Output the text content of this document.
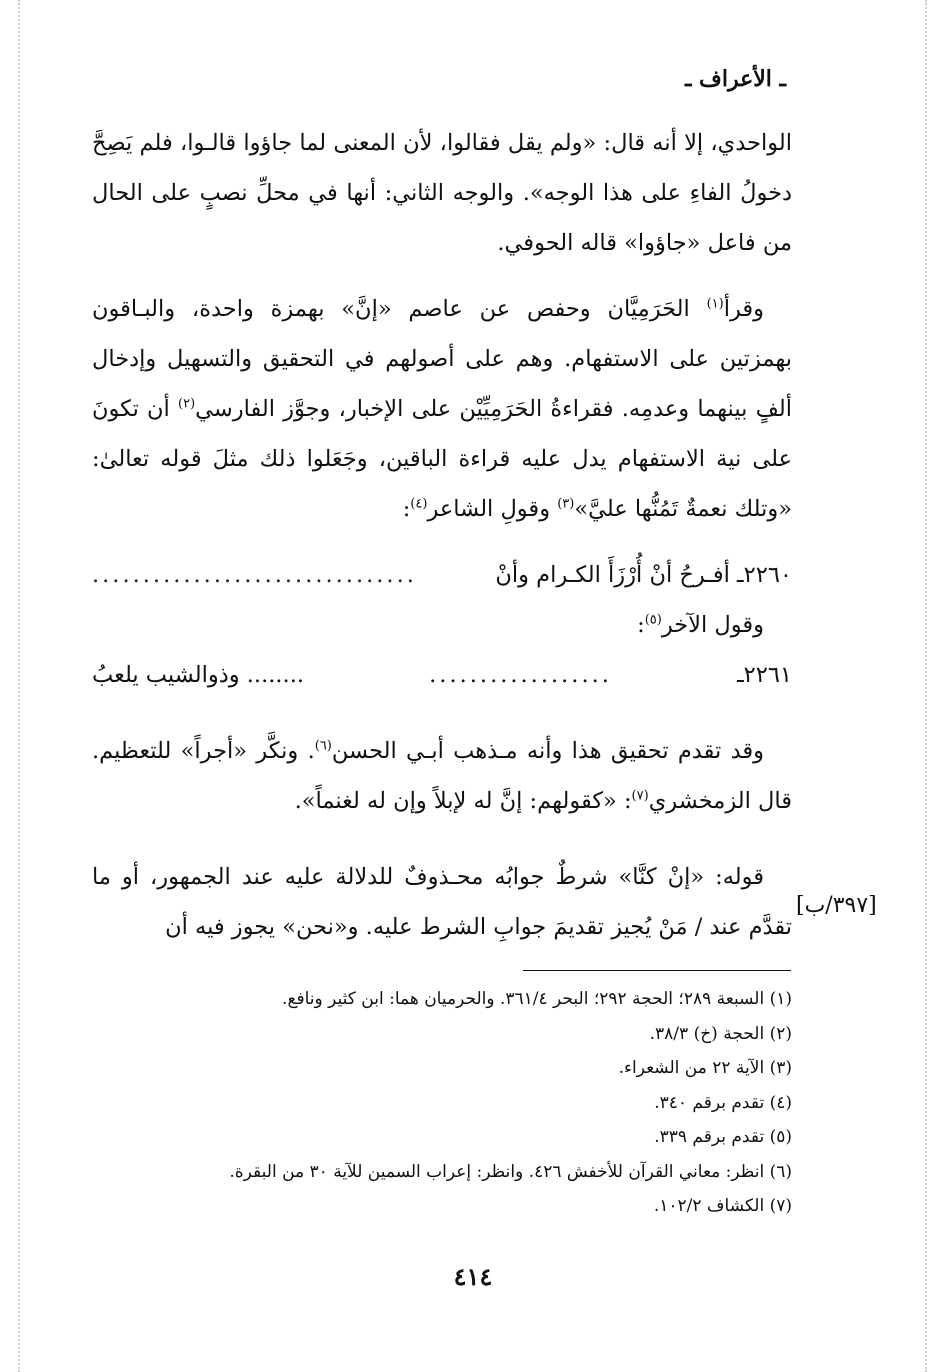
ـ الأعراف ـ

الواحدي، إلا أنه قال: «ولم يقل فقالوا، لأن المعنى لما جاؤوا قالـوا، فلم يَصِحَّ دخولُ الفاءِ على هذا الوجه». والوجه الثاني: أنها في محلِّ نصبٍ على الحال من فاعل «جاؤوا» قاله الحوفي.

وقرأ$^{(١)}$ الحَرَمِيَّان وحفص عن عاصم «إنَّ» بهمزة واحدة، والبـاقون بهمزتين على الاستفهام. وهم على أصولهم في التحقيق والتسهيل وإدخال ألفٍ بينهما وعدمِه. فقراءةُ الحَرَمِيِّيْن على الإخبار، وجوَّز الفارسي$^{(٢)}$ أن تكونَ على نية الاستفهام يدل عليه قراءة الباقين، وجَعَلوا ذلك مثلَ قوله تعالىٰ: «وتلك نعمةٌ تَمُنُّها عليَّ»$^{(٣)}$ وقولِ الشاعر$^{(٤)}$:

٢٢٦٠ـ أفـرحُ أنْ أُرْزَأَ الكـرام وأنْ
................................

وقول الآخر$^{(٥)}$:

٢٢٦١ـ
..................
........ وذوالشيب يلعبُ

وقد تقدم تحقيق هذا وأنه مـذهب أبـي الحسن$^{(٦)}$. ونكَّر «أجراً» للتعظيم. قال الزمخشري$^{(٧)}$: «كقولهم: إنَّ له لإبلاً وإن له لغنماً».

قوله: «إنْ كنَّا» شرطٌ جوابُه محـذوفٌ للدلالة عليه عند الجمهور، أو ما تقدَّم عند / مَنْ يُجيز تقديمَ جوابِ الشرط عليه. و«نحن» يجوز فيه أن

[٣٩٧/ب]
(١) السبعة ٢٨٩؛ الحجة ٢٩٢؛ البحر ٣٦١/٤. والحرميان هما: ابن كثير ونافع.
(٢) الحجة (خ) ٣٨/٣.
(٣) الآية ٢٢ من الشعراء.
(٤) تقدم برقم ٣٤٠.
(٥) تقدم برقم ٣٣٩.
(٦) انظر: معاني القرآن للأخفش ٤٢٦. وانظر: إعراب السمين للآية ٣٠ من البقرة.
(٧) الكشاف ١٠٢/٢.
٤١٤
